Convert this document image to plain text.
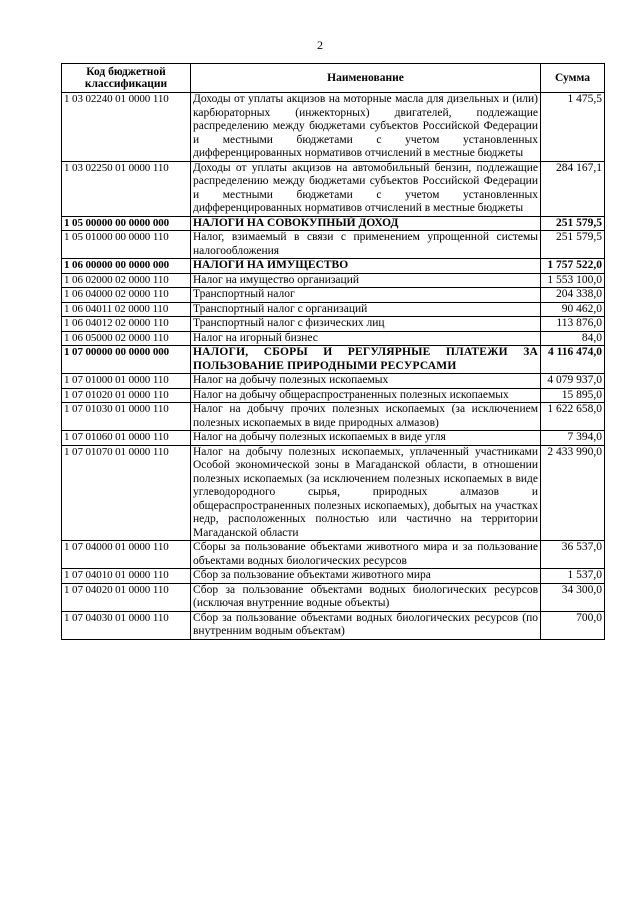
2
Код бюджетной классификации	Наименование	Сумма
1 03 02240 01 0000 110	Доходы от уплаты акцизов на моторные масла для дизельных и (или) карбюраторных (инжекторных) двигателей, подлежащие распределению между бюджетами субъектов Российской Федерации и местными бюджетами с учетом установленных дифференцированных нормативов отчислений в местные бюджеты	1 475,5
1 03 02250 01 0000 110	Доходы от уплаты акцизов на автомобильный бензин, подлежащие распределению между бюджетами субъектов Российской Федерации и местными бюджетами с учетом установленных дифференцированных нормативов отчислений в местные бюджеты	284 167,1
1 05 00000 00 0000 000	НАЛОГИ НА СОВОКУПНЫЙ ДОХОД	251 579,5
1 05 01000 00 0000 110	Налог, взимаемый в связи с применением упрощенной системы налогообложения	251 579,5
1 06 00000 00 0000 000	НАЛОГИ НА ИМУЩЕСТВО	1 757 522,0
1 06 02000 02 0000 110	Налог на имущество организаций	1 553 100,0
1 06 04000 02 0000 110	Транспортный налог	204 338,0
1 06 04011 02 0000 110	Транспортный налог с организаций	90 462,0
1 06 04012 02 0000 110	Транспортный налог с физических лиц	113 876,0
1 06 05000 02 0000 110	Налог на игорный бизнес	84,0
1 07 00000 00 0000 000	НАЛОГИ, СБОРЫ И РЕГУЛЯРНЫЕ ПЛАТЕЖИ ЗА ПОЛЬЗОВАНИЕ ПРИРОДНЫМИ РЕСУРСАМИ	4 116 474,0
1 07 01000 01 0000 110	Налог на добычу полезных ископаемых	4 079 937,0
1 07 01020 01 0000 110	Налог на добычу общераспространенных полезных ископаемых	15 895,0
1 07 01030 01 0000 110	Налог на добычу прочих полезных ископаемых (за исключением полезных ископаемых в виде природных алмазов)	1 622 658,0
1 07 01060 01 0000 110	Налог на добычу полезных ископаемых в виде угля	7 394,0
1 07 01070 01 0000 110	Налог на добычу полезных ископаемых, уплаченный участниками Особой экономической зоны в Магаданской области, в отношении полезных ископаемых (за исключением полезных ископаемых в виде углеводородного сырья, природных алмазов и общераспространенных полезных ископаемых), добытых на участках недр, расположенных полностью или частично на территории Магаданской области	2 433 990,0
1 07 04000 01 0000 110	Сборы за пользование объектами животного мира и за пользование объектами водных биологических ресурсов	36 537,0
1 07 04010 01 0000 110	Сбор за пользование объектами животного мира	1 537,0
1 07 04020 01 0000 110	Сбор за пользование объектами водных биологических ресурсов (исключая внутренние водные объекты)	34 300,0
1 07 04030 01 0000 110	Сбор за пользование объектами водных биологических ресурсов (по внутренним водным объектам)	700,0
